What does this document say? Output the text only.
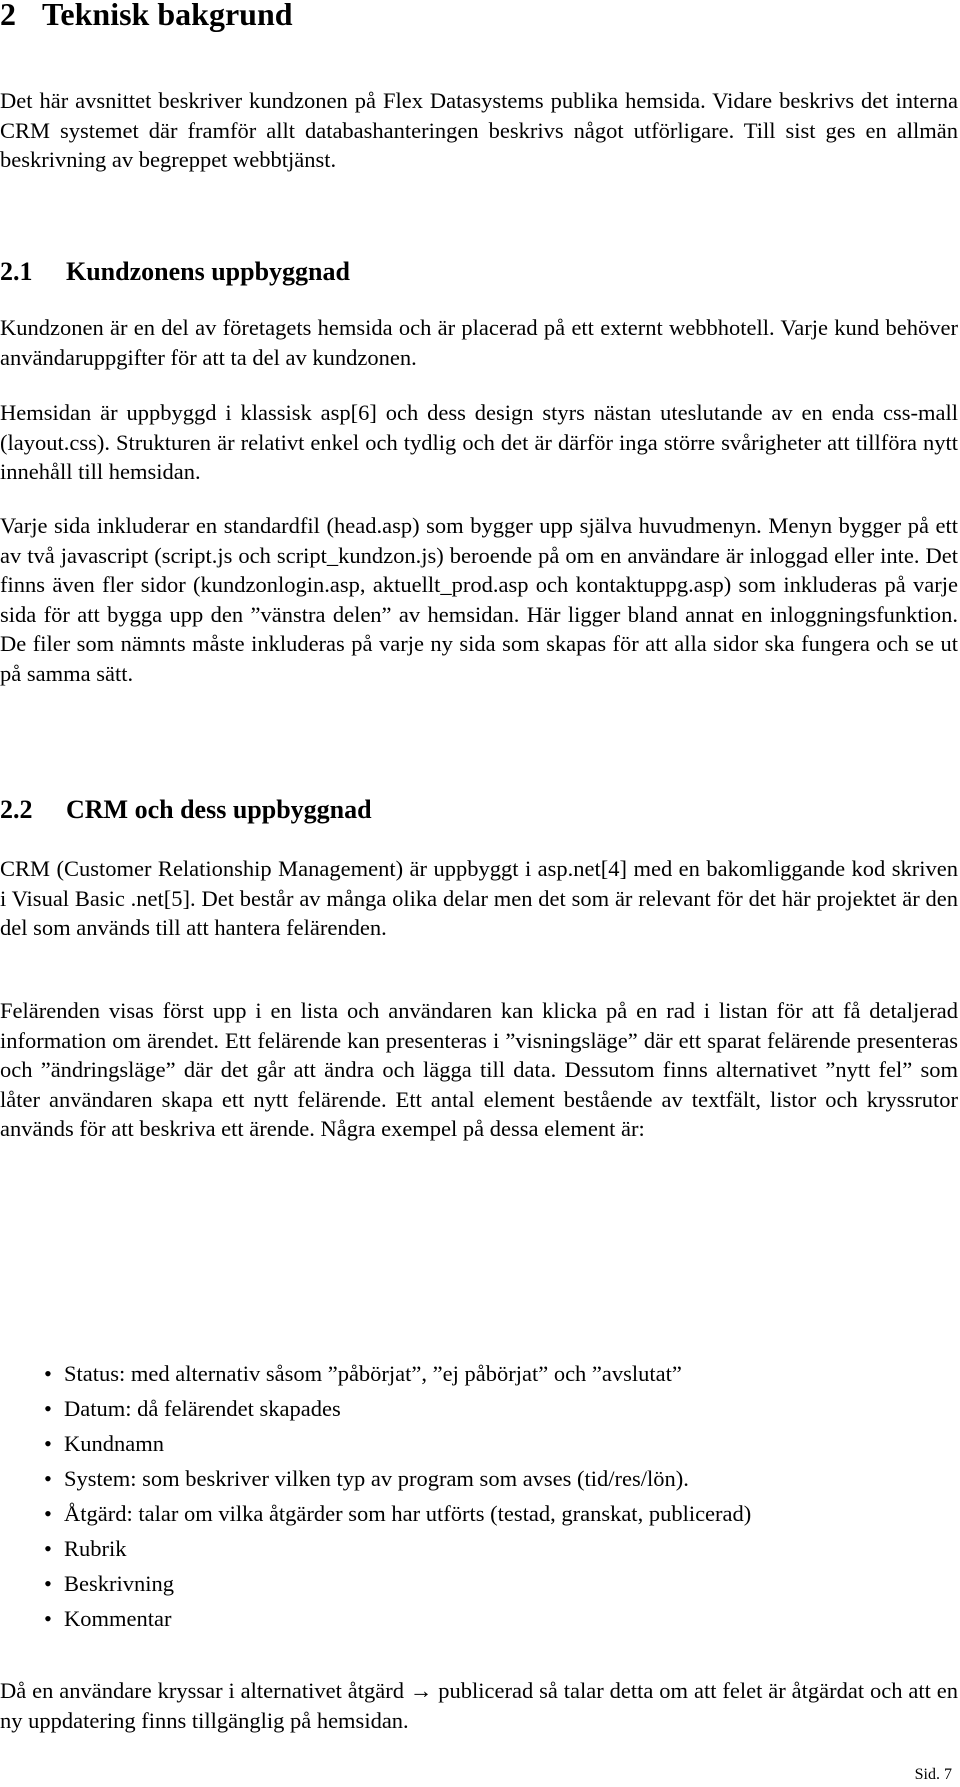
2 Teknisk bakgrund

Det här avsnittet beskriver kundzonen på Flex Datasystems publika hemsida. Vidare beskrivs det interna CRM systemet där framför allt databashanteringen beskrivs något utförligare. Till sist ges en allmän beskrivning av begreppet webbtjänst.

2.1 Kundzonens uppbyggnad

Kundzonen är en del av företagets hemsida och är placerad på ett externt webbhotell. Varje kund behöver användaruppgifter för att ta del av kundzonen.

Hemsidan är uppbyggd i klassisk asp[6] och dess design styrs nästan uteslutande av en enda css-mall (layout.css). Strukturen är relativt enkel och tydlig och det är därför inga större svårigheter att tillföra nytt innehåll till hemsidan.

Varje sida inkluderar en standardfil (head.asp) som bygger upp själva huvudmenyn. Menyn bygger på ett av två javascript (script.js och script_kundzon.js) beroende på om en användare är inloggad eller inte. Det finns även fler sidor (kundzonlogin.asp, aktuellt_prod.asp och kontaktuppg.asp) som inkluderas på varje sida för att bygga upp den ”vänstra delen” av hemsidan. Här ligger bland annat en inloggningsfunktion. De filer som nämnts måste inkluderas på varje ny sida som skapas för att alla sidor ska fungera och se ut på samma sätt.

2.2 CRM och dess uppbyggnad

CRM (Customer Relationship Management) är uppbyggt i asp.net[4] med en bakomliggande kod skriven i Visual Basic .net[5]. Det består av många olika delar men det som är relevant för det här projektet är den del som används till att hantera felärenden.

Felärenden visas först upp i en lista och användaren kan klicka på en rad i listan för att få detaljerad information om ärendet. Ett felärende kan presenteras i ”visningsläge” där ett sparat felärende presenteras och ”ändringsläge” där det går att ändra och lägga till data. Dessutom finns alternativet ”nytt fel” som låter användaren skapa ett nytt felärende. Ett antal element bestående av textfält, listor och kryssrutor används för att beskriva ett ärende. Några exempel på dessa element är:

• Status: med alternativ såsom ”påbörjat”, ”ej påbörjat” och ”avslutat”
• Datum: då felärendet skapades
• Kundnamn
• System: som beskriver vilken typ av program som avses (tid/res/lön).
• Åtgärd: talar om vilka åtgärder som har utförts (testad, granskat, publicerad)
• Rubrik
• Beskrivning
• Kommentar

Då en användare kryssar i alternativet åtgärd → publicerad så talar detta om att felet är åtgärdat och att en ny uppdatering finns tillgänglig på hemsidan.

Sid. 7
